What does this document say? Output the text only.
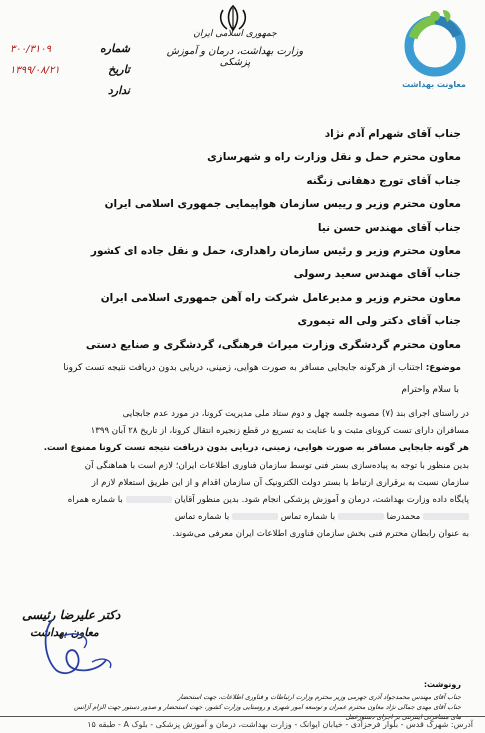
معاونت بهداشت
جمهوری اسلامی ایران
وزارت بهداشت، درمان و آموزش پزشکی
شماره
۳۰۰/۳۱۰۹
تاریخ
۱۳۹۹/۰۸/۲۱
ندارد
جناب آقای شهرام آدم نژاد
معاون محترم حمل و نقل وزارت راه و شهرسازی
جناب آقای تورج دهقانی زنگنه
معاون محترم وزیر و رییس سازمان هواپیمایی جمهوری اسلامی ایران
جناب آقای مهندس حسن نیا
معاون محترم وزیر و رئیس سازمان راهداری، حمل و نقل جاده ای کشور
جناب آقای مهندس سعید رسولی
معاون محترم وزیر و مدیرعامل شرکت راه آهن جمهوری اسلامی ایران
جناب آقای دکتر ولی اله تیموری
معاون محترم گردشگری وزارت میراث فرهنگی، گردشگری و صنایع دستی
موضوع: اجتناب از هرگونه جابجایی مسافر به صورت هوایی، زمینی، دریایی بدون دریافت نتیجه تست کرونا
با سلام واحترام
در راستای اجرای بند (۷) مصوبه جلسه چهل و دوم ستاد ملی مدیریت کرونا، در مورد عدم جابجایی
مسافران دارای تست کرونای مثبت و با عنایت به تسریع در قطع زنجیره انتقال کرونا، از تاریخ ۲۸ آبان ۱۳۹۹
هر گونه جابجایی مسافر به صورت هوایی، زمینی، دریایی بدون دریافت نتیجه تست کرونا ممنوع است.
بدین منظور با توجه به پیاده‌سازی بستر فنی توسط سازمان فناوری اطلاعات ایران؛ لازم است با هماهنگی آن
سازمان نسبت به برقراری ارتباط با بستر دولت الکترونیک آن سازمان اقدام و از این طریق استعلام لازم از
پایگاه داده وزارت بهداشت، درمان و آموزش پزشکی انجام شود. بدین منظور آقایان  با شماره همراه
محمدرضا  با شماره تماس  با شماره تماس
به عنوان رابطان محترم فنی بخش سازمان فناوری اطلاعات ایران معرفی می‌شوند.
دکتر علیرضا رئیسی
معاون بهداشت
رونوشت:
جناب آقای مهندس محمدجواد آذری جهرمی وزیر محترم وزارت ارتباطات و فناوری اطلاعات، جهت استحضار
جناب آقای مهدی جمالی نژاد معاون محترم عمران و توسعه امور شهری و روستایی وزارت کشور، جهت استحضار و صدور دستور جهت الزام آژانس
های مسافرتی اینترنتی بر اجرای دستورعمل
آدرس: شهرک قدس - بلوار فرحزادی - خیابان ایوانک - وزارت بهداشت، درمان و آموزش پزشکی - بلوک A - طبقه ۱۵
